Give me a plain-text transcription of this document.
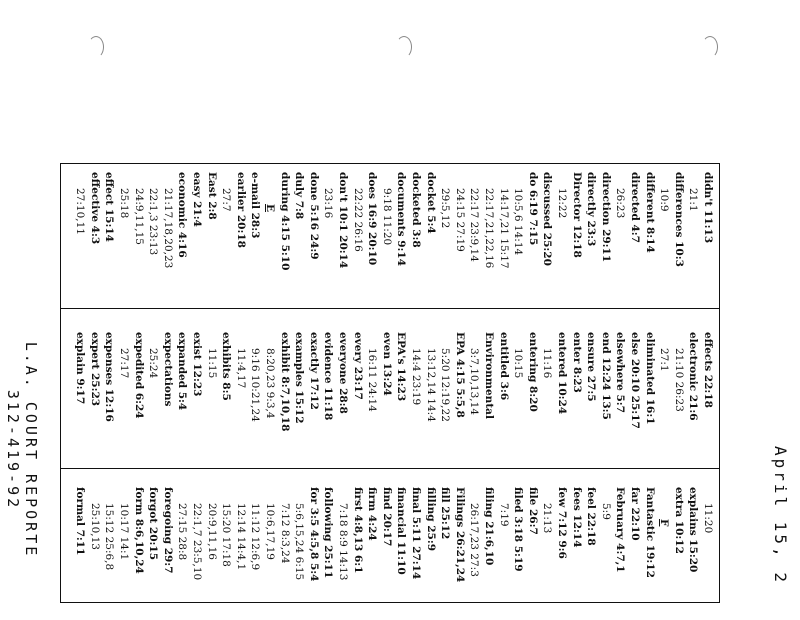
April 15, 2
didn't 11:13
21:1
differences 10:3
10:9
different 8:14
directed 4:7
26:23
direction 29:11
directly 23:3
Director 12:18
12:22
discussed 25:20
do 6:19 7:15
10:5,6 14:14
14:17,21 15:17
22:17,21,22,16
22:17 23:9,14
24:15 27:19
29:5,12
docket 5:4
docketed 3:8
documents 9:14
9:18 11:20
does 16:9 20:10
22:22 26:16
don't 10:1 20:14
23:16
done 5:16 24:9
duly 7:8
during 4:15 5:10
E
e-mail 28:3
earlier 20:18
27:7
East 2:8
easy 21:4
economic 4:16
21:17,18,20,23
22:1,3 23:13
24:9,11,15
25:18
effect 15:14
effective 4:3
27:10,11
effects 22:18
electronic 21:6
21:10 26:23
27:1
eliminated 16:1
else 20:10 25:17
elsewhere 5:7
end 12:24 13:5
ensure 27:5
enter 8:23
entered 10:24
11:16
entering 8:20
10:15
entitled 3:6
Environmental
3:7,10,13,14
EPA 4:15 5:5,8
5:20 12:19,22
13:12,14 14:4
14:4 23:19
EPA's 14:23
even 13:24
16:11 24:14
every 23:17
everyone 28:8
evidence 11:18
exactly 17:12
examples 15:12
exhibit 8:7,10,18
8:20,23 9:3,4
9:16 10:21,24
11:4,17
exhibits 8:5
11:15
exist 12:23
expanded 5:4
expectations
25:24
expedited 6:24
27:17
expenses 12:16
expert 25:23
explain 9:17
11:20
explains 15:20
extra 10:12
F
Fantastic 19:12
far 22:10
February 4:7,1
5:9
feel 22:18
fees 12:14
few 7:12 9:6
21:13
file 26:7
filed 3:18 5:19
7:19
filing 21:6,10
26:17,23 27:3
Filings 26:21,24
fill 25:12
filling 25:9
final 5:11 27:14
financial 11:10
find 20:17
firm 4:24
first 4:8,13 6:1
7:18 8:9 14:13
following 25:11
for 3:5 4:5,8 5:4
5:6,15,24 6:15
7:12 8:3,24
10:6,17,19
11:12 12:6,9
12:14 14:4,1
15:20 17:18
20:9,11,16
22:1,7 23:5,10
27:15 28:8
foregoing 29:7
forgot 20:15
form 8:6,10,24
10:17 14:1
15:12 25:6,8
25:10,13
formal 7:11
L.A. COURT REPORTE
312-419-92
